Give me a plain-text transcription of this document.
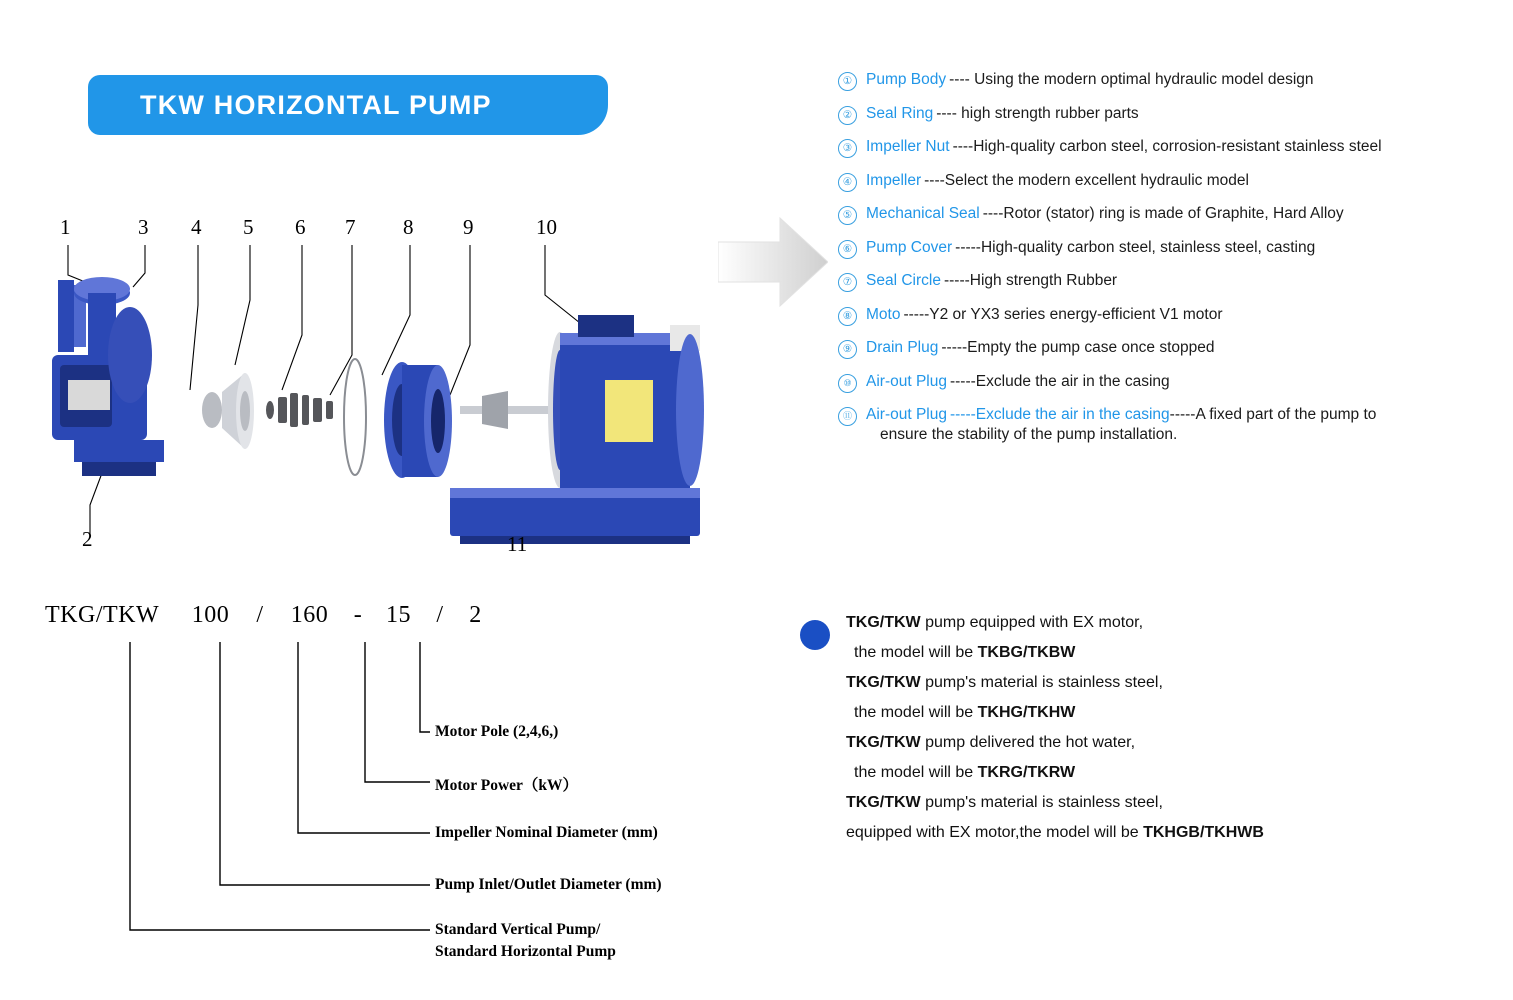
TKW HORIZONTAL PUMP
1	3 4 5 6 7 8 9	10
2	11
① Pump Body ---- Using the modern optimal hydraulic model design
② Seal Ring ---- high strength rubber parts
③ Impeller Nut ----High-quality carbon steel, corrosion-resistant stainless steel
④ Impeller ----Select the modern excellent hydraulic model
⑤ Mechanical Seal ----Rotor (stator) ring is made of Graphite, Hard Alloy
⑥ Pump Cover -----High-quality carbon steel, stainless steel, casting
⑦ Seal Circle -----High strength Rubber
⑧ Moto -----Y2 or YX3 series energy-efficient V1 motor
⑨ Drain Plug -----Empty the pump case once stopped
⑩ Air-out Plug -----Exclude the air in the casing
⑪ Air-out Plug -----Exclude the air in the casing-----A fixed part of the pump to
ensure the stability of the pump installation.
TKG/TKW 100 / 160 - 15 / 2
Motor Pole (2,4,6,)
Motor Power（kW）
Impeller Nominal Diameter (mm)
Pump Inlet/Outlet Diameter (mm)
Standard Vertical Pump/
Standard Horizontal Pump
TKG/TKW pump equipped with EX motor,
the model will be TKBG/TKBW
TKG/TKW pump's material is stainless steel,
the model will be TKHG/TKHW
TKG/TKW pump delivered the hot water,
the model will be TKRG/TKRW
TKG/TKW pump's material is stainless steel,
equipped with EX motor,the model will be TKHGB/TKHWB
